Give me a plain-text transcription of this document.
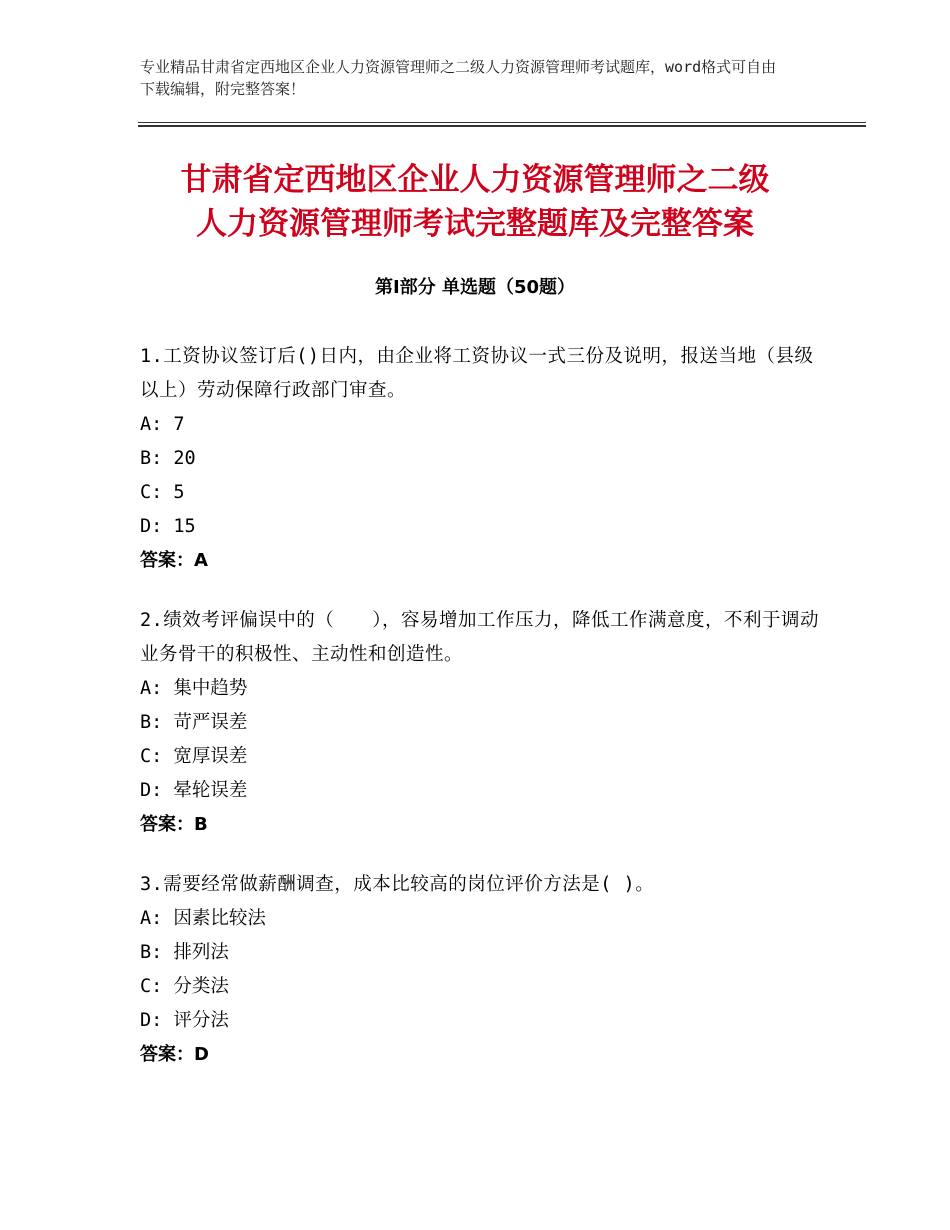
专业精品甘肃省定西地区企业人力资源管理师之二级人力资源管理师考试题库，word格式可自由下载编辑，附完整答案！
甘肃省定西地区企业人力资源管理师之二级
人力资源管理师考试完整题库及完整答案
第Ⅰ部分 单选题（50题）
1.工资协议签订后()日内，由企业将工资协议一式三份及说明，报送当地（县级以上）劳动保障行政部门审查。
A: 7
B: 20
C: 5
D: 15
答案：A
2.绩效考评偏误中的（　　），容易增加工作压力，降低工作满意度，不利于调动业务骨干的积极性、主动性和创造性。
A: 集中趋势
B: 苛严误差
C: 宽厚误差
D: 晕轮误差
答案：B
3.需要经常做薪酬调查，成本比较高的岗位评价方法是( )。
A: 因素比较法
B: 排列法
C: 分类法
D: 评分法
答案：D
